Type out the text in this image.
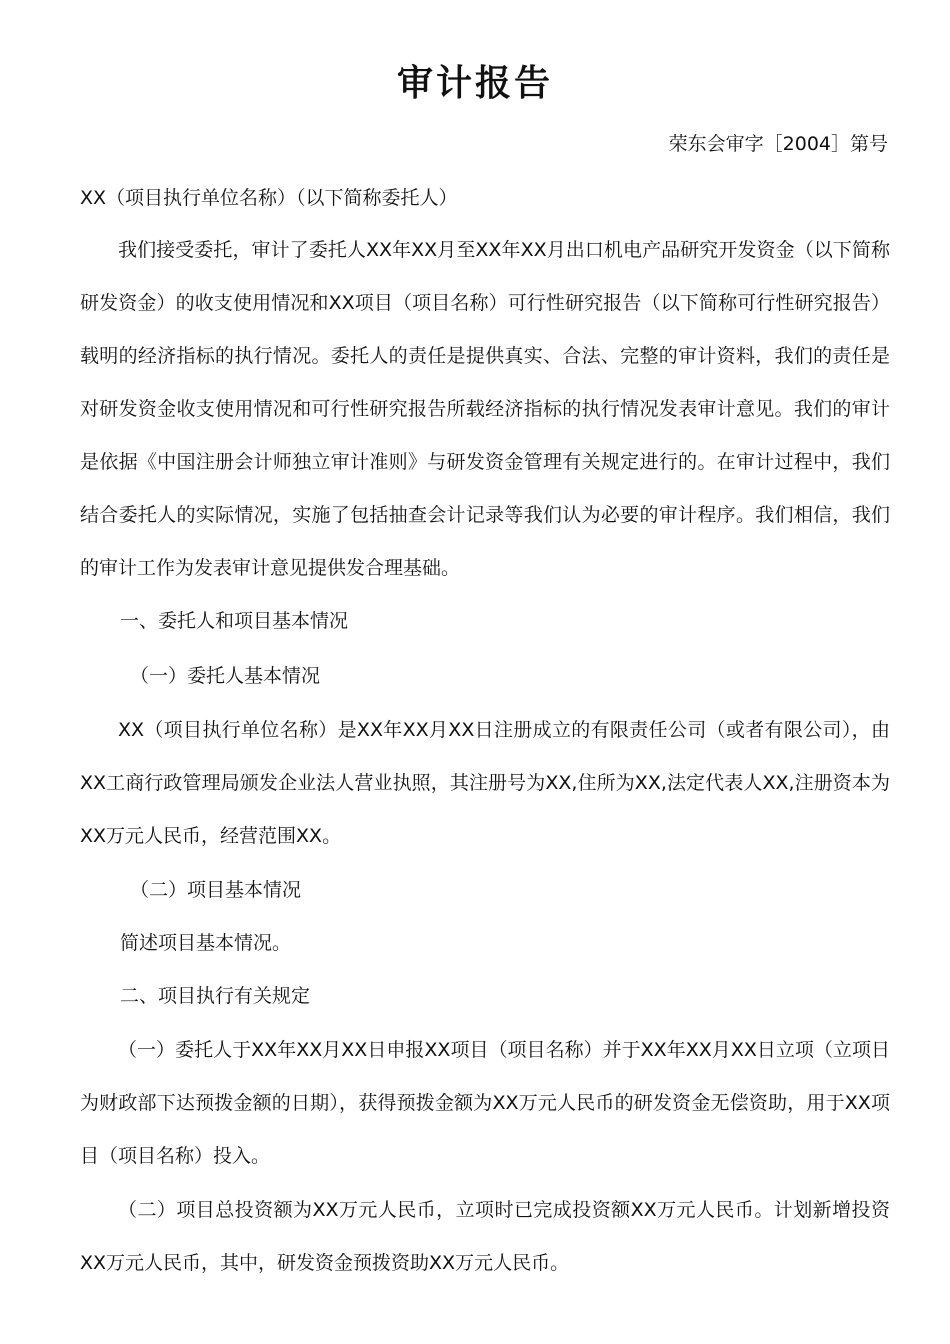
审计报告

荣东会审字［2004］第号

XX（项目执行单位名称）（以下简称委托人）

我们接受委托，审计了委托人XX年XX月至XX年XX月出口机电产品研究开发资金（以下简称研发资金）的收支使用情况和XX项目（项目名称）可行性研究报告（以下简称可行性研究报告）载明的经济指标的执行情况。委托人的责任是提供真实、合法、完整的审计资料，我们的责任是对研发资金收支使用情况和可行性研究报告所载经济指标的执行情况发表审计意见。我们的审计是依据《中国注册会计师独立审计准则》与研发资金管理有关规定进行的。在审计过程中，我们结合委托人的实际情况，实施了包括抽查会计记录等我们认为必要的审计程序。我们相信，我们的审计工作为发表审计意见提供发合理基础。

一、委托人和项目基本情况

（一）委托人基本情况

XX（项目执行单位名称）是XX年XX月XX日注册成立的有限责任公司（或者有限公司），由XX工商行政管理局颁发企业法人营业执照，其注册号为XX,住所为XX,法定代表人XX,注册资本为XX万元人民币，经营范围XX。

（二）项目基本情况

简述项目基本情况。

二、项目执行有关规定

（一）委托人于XX年XX月XX日申报XX项目（项目名称）并于XX年XX月XX日立项（立项日为财政部下达预拨金额的日期），获得预拨金额为XX万元人民币的研发资金无偿资助，用于XX项目（项目名称）投入。

（二）项目总投资额为XX万元人民币，立项时已完成投资额XX万元人民币。计划新增投资XX万元人民币，其中，研发资金预拨资助XX万元人民币。
